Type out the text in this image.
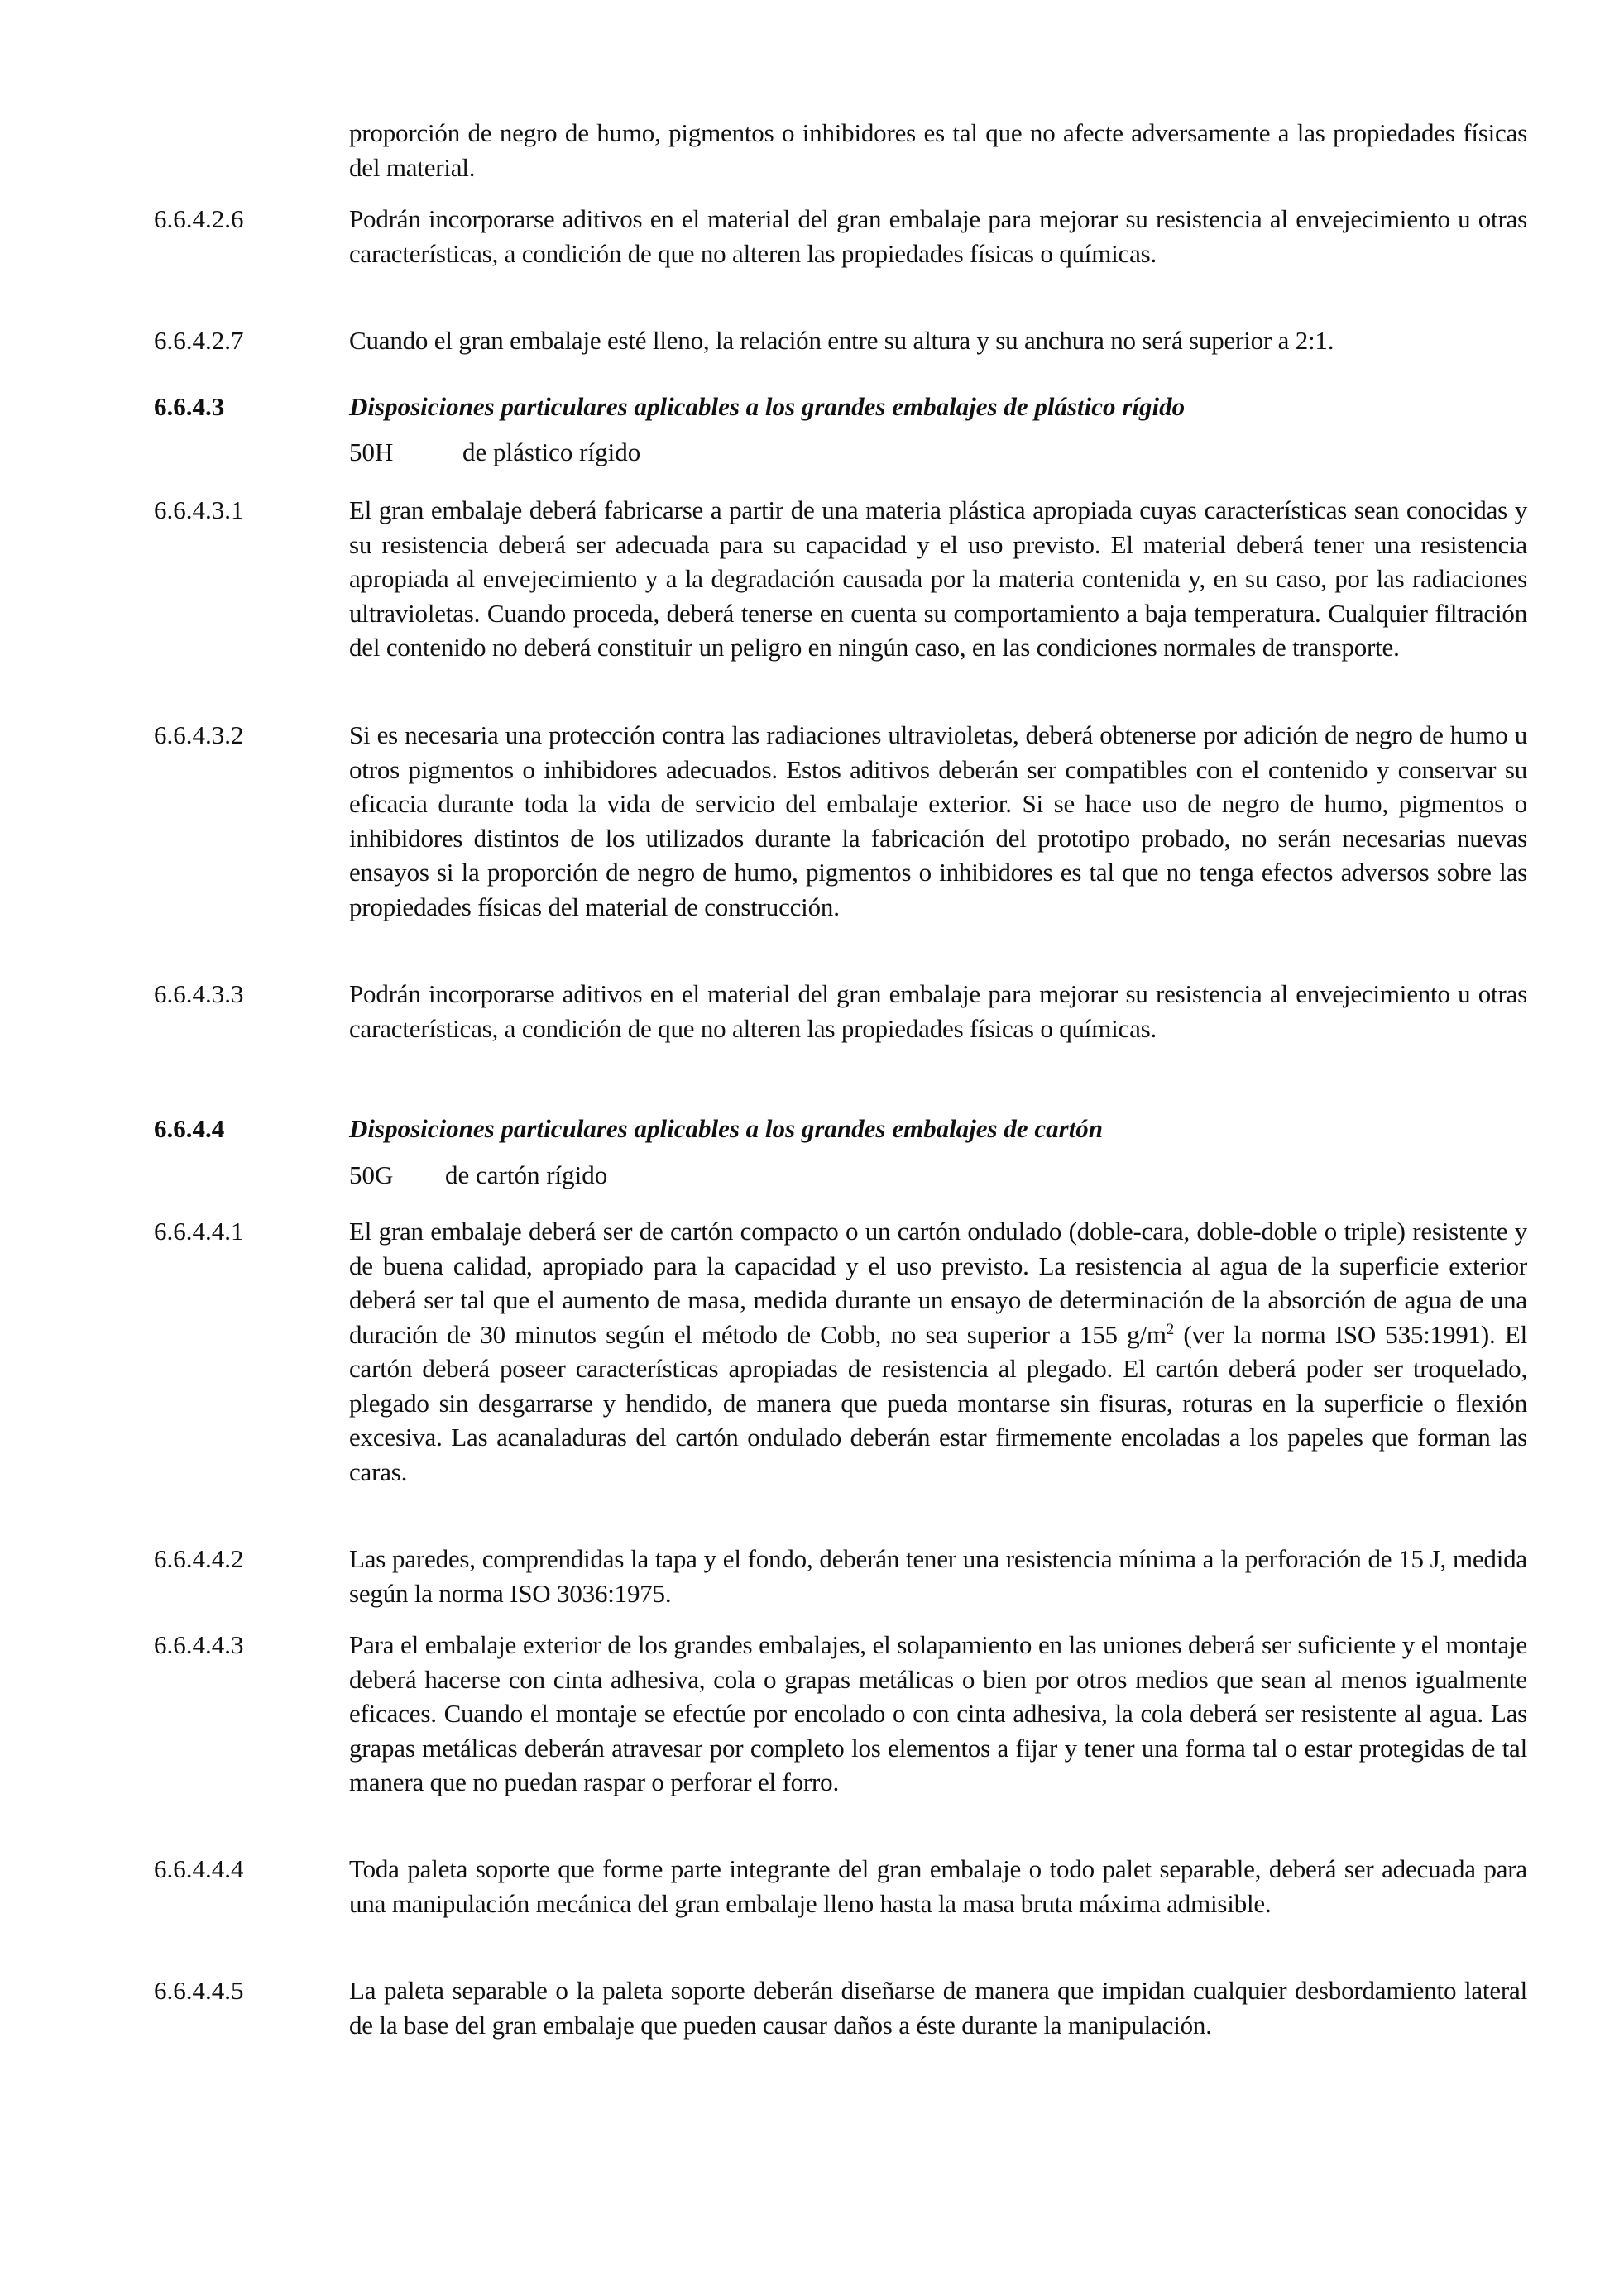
proporción de negro de humo, pigmentos o inhibidores es tal que no afecte adversamente a las propiedades físicas del material.
6.6.4.2.6	Podrán incorporarse aditivos en el material del gran embalaje para mejorar su resistencia al envejecimiento u otras características, a condición de que no alteren las propiedades físicas o químicas.
6.6.4.2.7	Cuando el gran embalaje esté lleno, la relación entre su altura y su anchura no será superior a 2:1.
6.6.4.3	Disposiciones particulares aplicables a los grandes embalajes de plástico rígido
50H	de plástico rígido
6.6.4.3.1	El gran embalaje deberá fabricarse a partir de una materia plástica apropiada cuyas características sean conocidas y su resistencia deberá ser adecuada para su capacidad y el uso previsto. El material deberá tener una resistencia apropiada al envejecimiento y a la degradación causada por la materia contenida y, en su caso, por las radiaciones ultravioletas. Cuando proceda, deberá tenerse en cuenta su comportamiento a baja temperatura. Cualquier filtración del contenido no deberá constituir un peligro en ningún caso, en las condiciones normales de transporte.
6.6.4.3.2	Si es necesaria una protección contra las radiaciones ultravioletas, deberá obtenerse por adición de negro de humo u otros pigmentos o inhibidores adecuados. Estos aditivos deberán ser compatibles con el contenido y conservar su eficacia durante toda la vida de servicio del embalaje exterior. Si se hace uso de negro de humo, pigmentos o inhibidores distintos de los utilizados durante la fabricación del prototipo probado, no serán necesarias nuevas ensayos si la proporción de negro de humo, pigmentos o inhibidores es tal que no tenga efectos adversos sobre las propiedades físicas del material de construcción.
6.6.4.3.3	Podrán incorporarse aditivos en el material del gran embalaje para mejorar su resistencia al envejecimiento u otras características, a condición de que no alteren las propiedades físicas o químicas.
6.6.4.4	Disposiciones particulares aplicables a los grandes embalajes de cartón
50G de cartón rígido
6.6.4.4.1	El gran embalaje deberá ser de cartón compacto o un cartón ondulado (doble-cara, doble-doble o triple) resistente y de buena calidad, apropiado para la capacidad y el uso previsto. La resistencia al agua de la superficie exterior deberá ser tal que el aumento de masa, medida durante un ensayo de determinación de la absorción de agua de una duración de 30 minutos según el método de Cobb, no sea superior a 155 $g/m^2$ (ver la norma ISO 535:1991). El cartón deberá poseer características apropiadas de resistencia al plegado. El cartón deberá poder ser troquelado, plegado sin desgarrarse y hendido, de manera que pueda montarse sin fisuras, roturas en la superficie o flexión excesiva. Las acanaladuras del cartón ondulado deberán estar firmemente encoladas a los papeles que forman las caras.
6.6.4.4.2	Las paredes, comprendidas la tapa y el fondo, deberán tener una resistencia mínima a la perforación de 15 J, medida según la norma ISO 3036:1975.
6.6.4.4.3	Para el embalaje exterior de los grandes embalajes, el solapamiento en las uniones deberá ser suficiente y el montaje deberá hacerse con cinta adhesiva, cola o grapas metálicas o bien por otros medios que sean al menos igualmente eficaces. Cuando el montaje se efectúe por encolado o con cinta adhesiva, la cola deberá ser resistente al agua. Las grapas metálicas deberán atravesar por completo los elementos a fijar y tener una forma tal o estar protegidas de tal manera que no puedan raspar o perforar el forro.
6.6.4.4.4	Toda paleta soporte que forme parte integrante del gran embalaje o todo palet separable, deberá ser adecuada para una manipulación mecánica del gran embalaje lleno hasta la masa bruta máxima admisible.
6.6.4.4.5	La paleta separable o la paleta soporte deberán diseñarse de manera que impidan cualquier desbordamiento lateral de la base del gran embalaje que pueden causar daños a éste durante la manipulación.
